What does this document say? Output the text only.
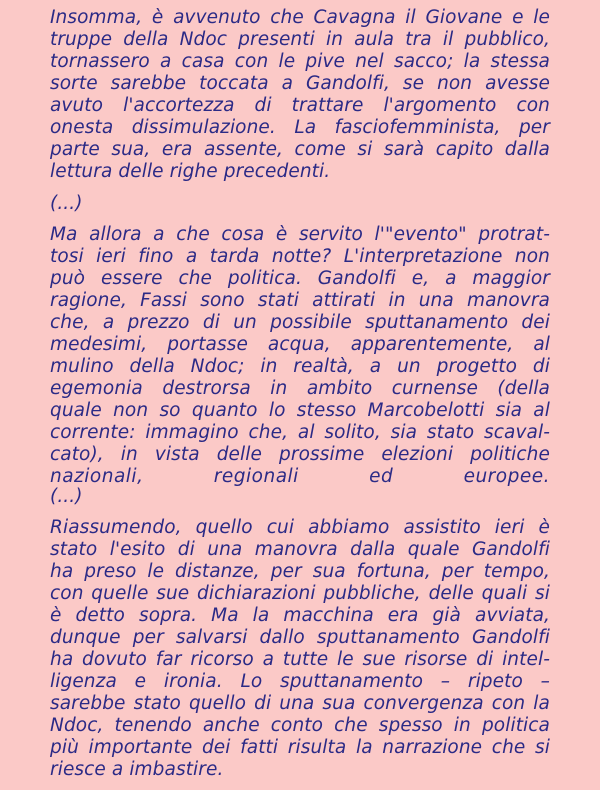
Insomma, è avvenuto che Cavagna il Giovane e le

truppe della Ndoc presenti in aula tra il pubblico,

tornassero a casa con le pive nel sacco; la stessa

sorte sarebbe toccata a Gandolfi, se non avesse

avuto l'accortezza di trattare l'argomento con

onesta dissimulazione. La fasciofemminista, per

parte sua, era assente, come si sarà capito dalla

lettura delle righe precedenti.

(...)

Ma allora a che cosa è servito l'"evento" protrat-

tosi ieri fino a tarda notte? L'interpretazione non

può essere che politica. Gandolfi e, a maggior

ragione, Fassi sono stati attirati in una manovra

che, a prezzo di un possibile sputtanamento dei

medesimi, portasse acqua, apparentemente, al

mulino della Ndoc; in realtà, a un progetto di

egemonia destrorsa in ambito curnense (della

quale non so quanto lo stesso Marcobelotti sia al

corrente: immagino che, al solito, sia stato scaval-

cato), in vista delle prossime elezioni politiche

nazionali, regionali ed europee.

(...)

Riassumendo, quello cui abbiamo assistito ieri è

stato l'esito di una manovra dalla quale Gandolfi

ha preso le distanze, per sua fortuna, per tempo,

con quelle sue dichiarazioni pubbliche, delle quali si

è detto sopra. Ma la macchina era già avviata,

dunque per salvarsi dallo sputtanamento Gandolfi

ha dovuto far ricorso a tutte le sue risorse di intel-

ligenza e ironia. Lo sputtanamento – ripeto –

sarebbe stato quello di una sua convergenza con la

Ndoc, tenendo anche conto che spesso in politica

più importante dei fatti risulta la narrazione che si

riesce a imbastire.
